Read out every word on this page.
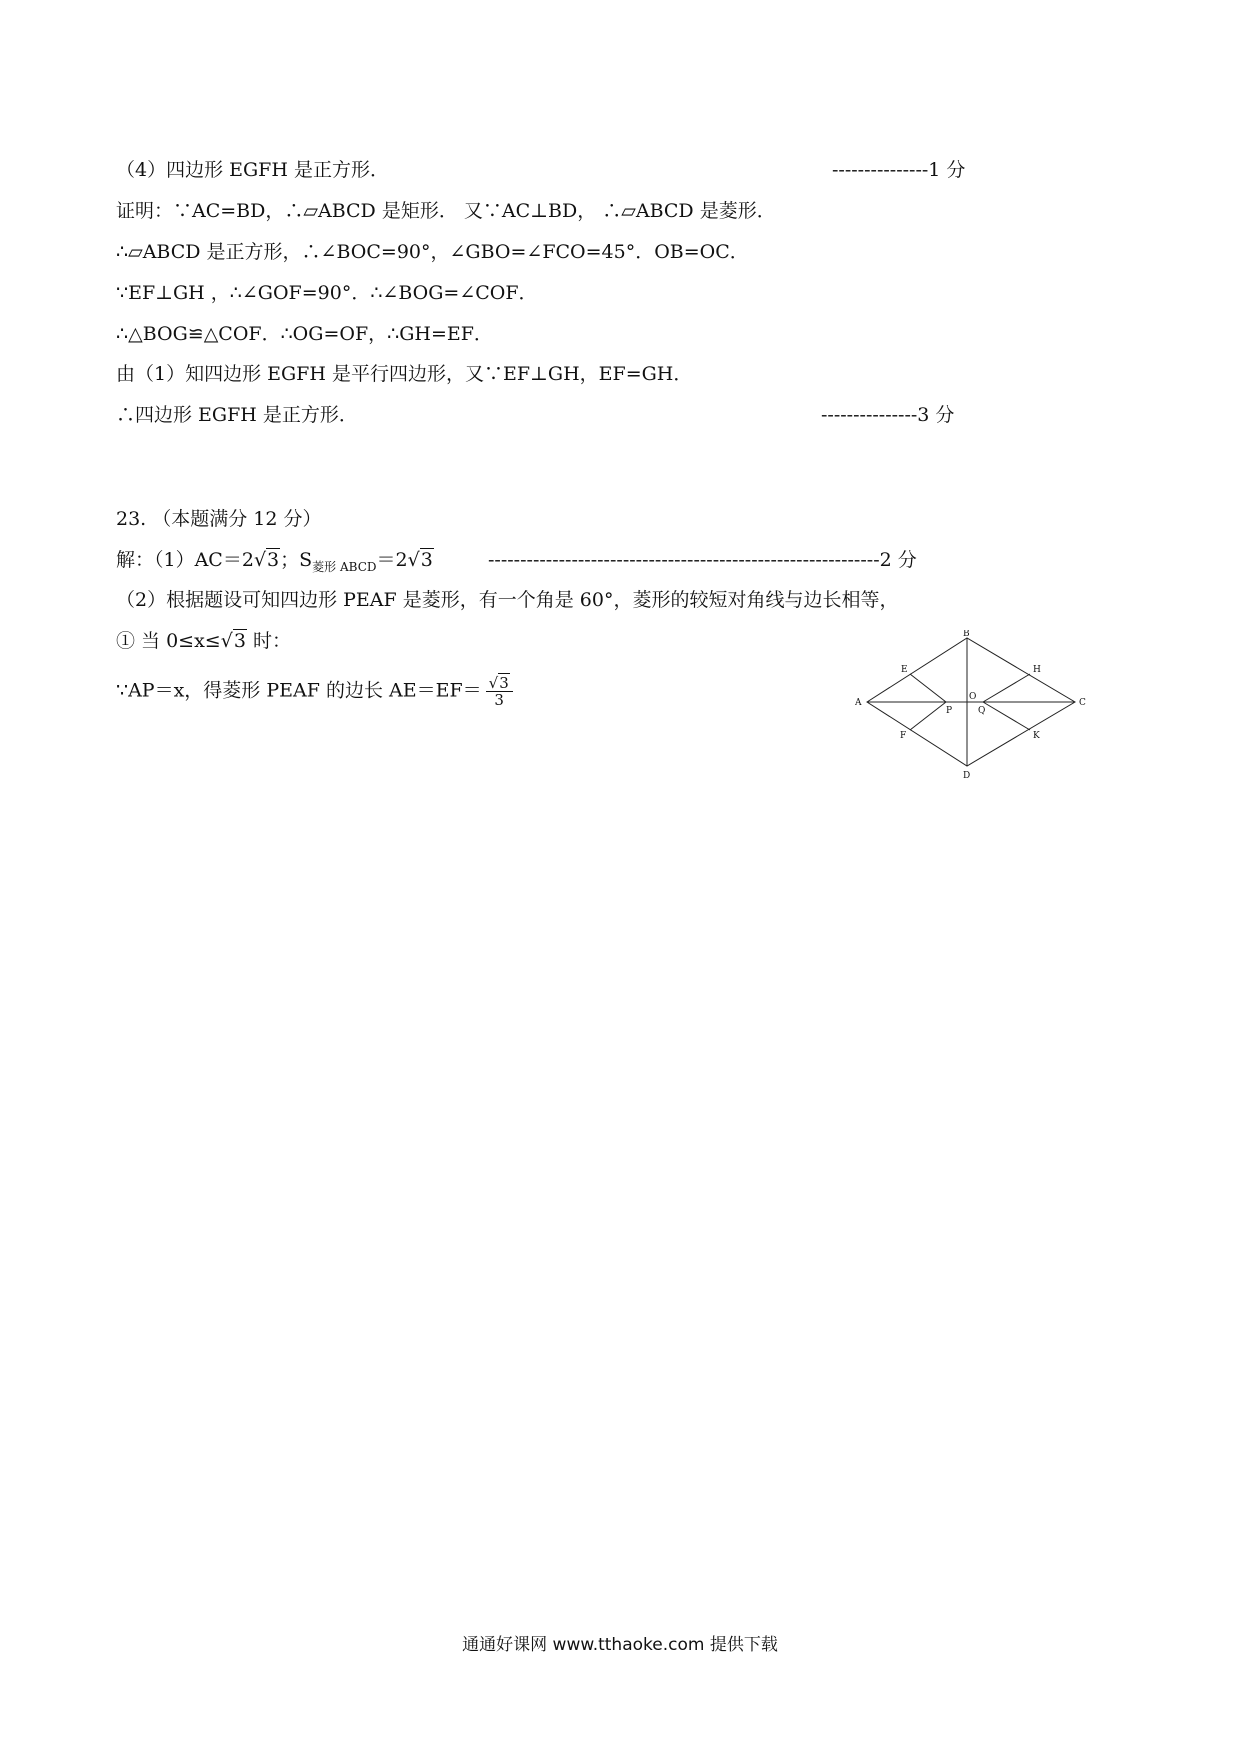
（4）四边形 EGFH 是正方形．	---------------1 分
证明：∵AC=BD，∴▱ABCD 是矩形． 又∵AC⊥BD， ∴▱ABCD 是菱形．
∴▱ABCD 是正方形，∴∠BOC=90°，∠GBO=∠FCO=45°．OB=OC．
∵EF⊥GH ，∴∠GOF=90°．∴∠BOG=∠COF．
∴△BOG≌△COF．∴OG=OF，∴GH=EF．
由（1）知四边形 EGFH 是平行四边形，又∵EF⊥GH，EF=GH．
∴四边形 EGFH 是正方形．	---------------3 分
23. （本题满分 12 分）
解：（1）AC＝2√3；$S_{菱形 ABCD}=2√3$	-------------------------------------------------------------2 分
（2）根据题设可知四边形 PEAF 是菱形，有一个角是 60°，菱形的较短对角线与边长相等，
① 当 0≤x≤√3 时：
∵AP＝x，得菱形 PEAF 的边长 $AE=EF= \frac{√3}{3}$	A
B
C
D
E
F
H
K
O
P	Q
通通好课网 www.tthaoke.com 提供下载
